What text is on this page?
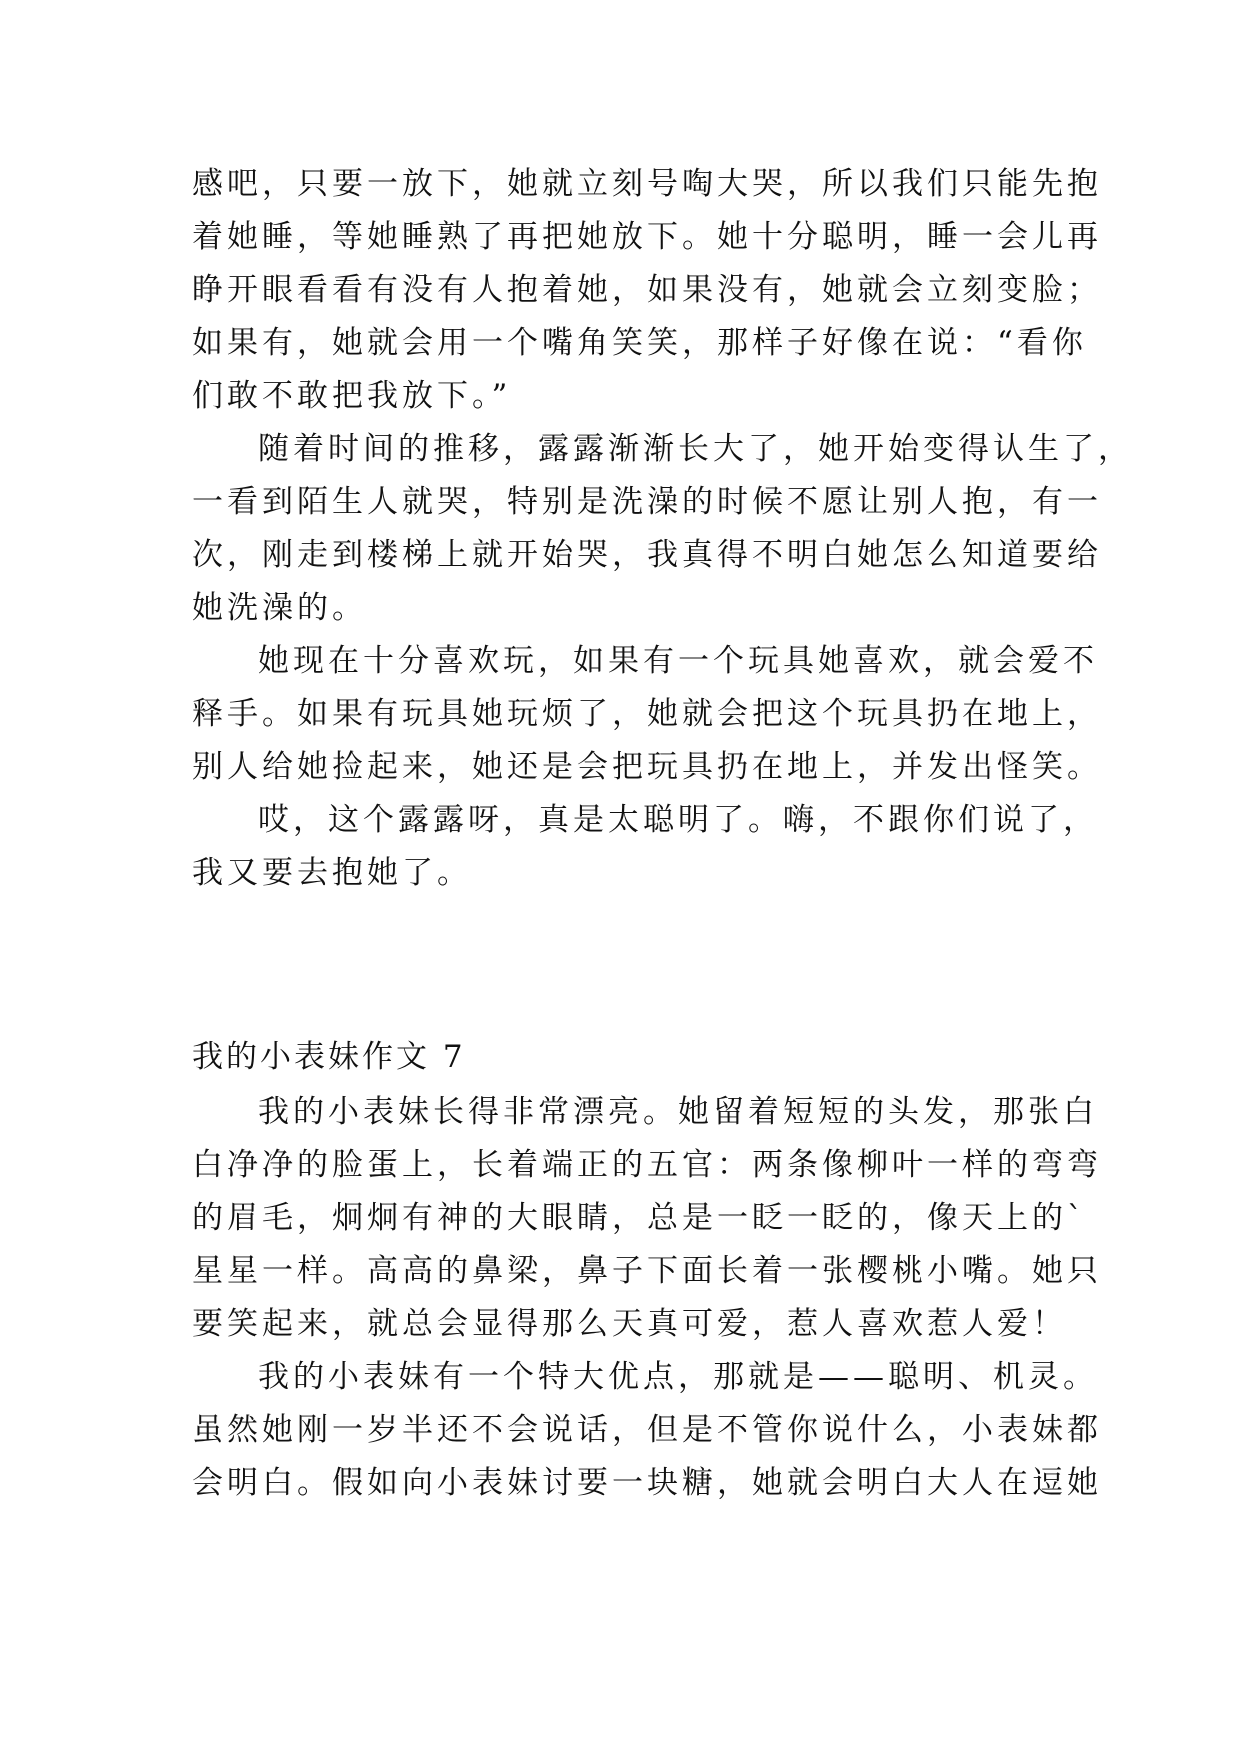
感吧，只要一放下，她就立刻号啕大哭，所以我们只能先抱
着她睡，等她睡熟了再把她放下。她十分聪明，睡一会儿再
睁开眼看看有没有人抱着她，如果没有，她就会立刻变脸；
如果有，她就会用一个嘴角笑笑，那样子好像在说：“看你
们敢不敢把我放下。”
随着时间的推移，露露渐渐长大了，她开始变得认生了，
一看到陌生人就哭，特别是洗澡的时候不愿让别人抱，有一
次，刚走到楼梯上就开始哭，我真得不明白她怎么知道要给
她洗澡的。
她现在十分喜欢玩，如果有一个玩具她喜欢，就会爱不
释手。如果有玩具她玩烦了，她就会把这个玩具扔在地上，
别人给她捡起来，她还是会把玩具扔在地上，并发出怪笑。
哎，这个露露呀，真是太聪明了。嗨，不跟你们说了，
我又要去抱她了。
我的小表妹作文 7
我的小表妹长得非常漂亮。她留着短短的头发，那张白
白净净的脸蛋上，长着端正的五官：两条像柳叶一样的弯弯
的眉毛，炯炯有神的大眼睛，总是一眨一眨的，像天上的`
星星一样。高高的鼻梁，鼻子下面长着一张樱桃小嘴。她只
要笑起来，就总会显得那么天真可爱，惹人喜欢惹人爱！
我的小表妹有一个特大优点，那就是——聪明、机灵。
虽然她刚一岁半还不会说话，但是不管你说什么，小表妹都
会明白。假如向小表妹讨要一块糖，她就会明白大人在逗她
